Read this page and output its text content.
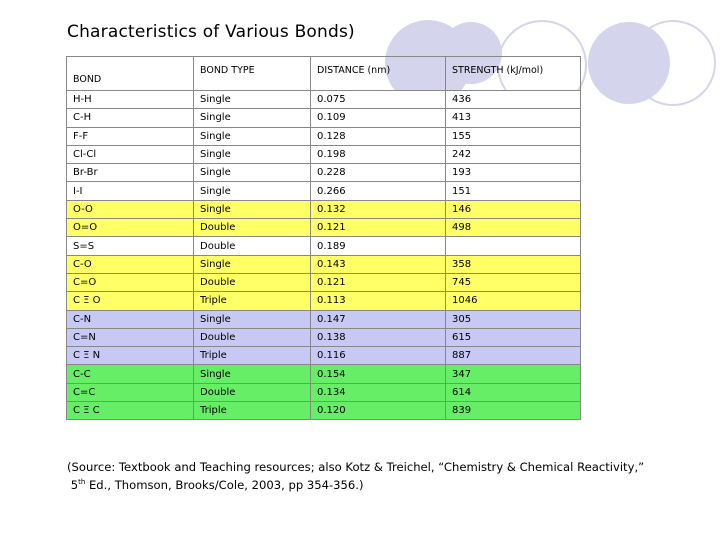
Characteristics of Various Bonds)
BOND	BOND TYPE	DISTANCE (nm)	STRENGTH (kJ/mol)
H-H	Single	0.075	436
C-H	Single	0.109	413
F-F	Single	0.128	155
Cl-Cl	Single	0.198	242
Br-Br	Single	0.228	193
I-I	Single	0.266	151
O-O	Single	0.132	146
O=O	Double	0.121	498
S=S	Double	0.189	
C-O	Single	0.143	358
C=O	Double	0.121	745
C Ξ O	Triple	0.113	1046
C-N	Single	0.147	305
C=N	Double	0.138	615
C Ξ N	Triple	0.116	887
C-C	Single	0.154	347
C=C	Double	0.134	614
C Ξ C	Triple	0.120	839
(Source: Textbook and Teaching resources; also Kotz & Treichel, “Chemistry & Chemical Reactivity,”
5th Ed., Thomson, Brooks/Cole, 2003, pp 354-356.)
